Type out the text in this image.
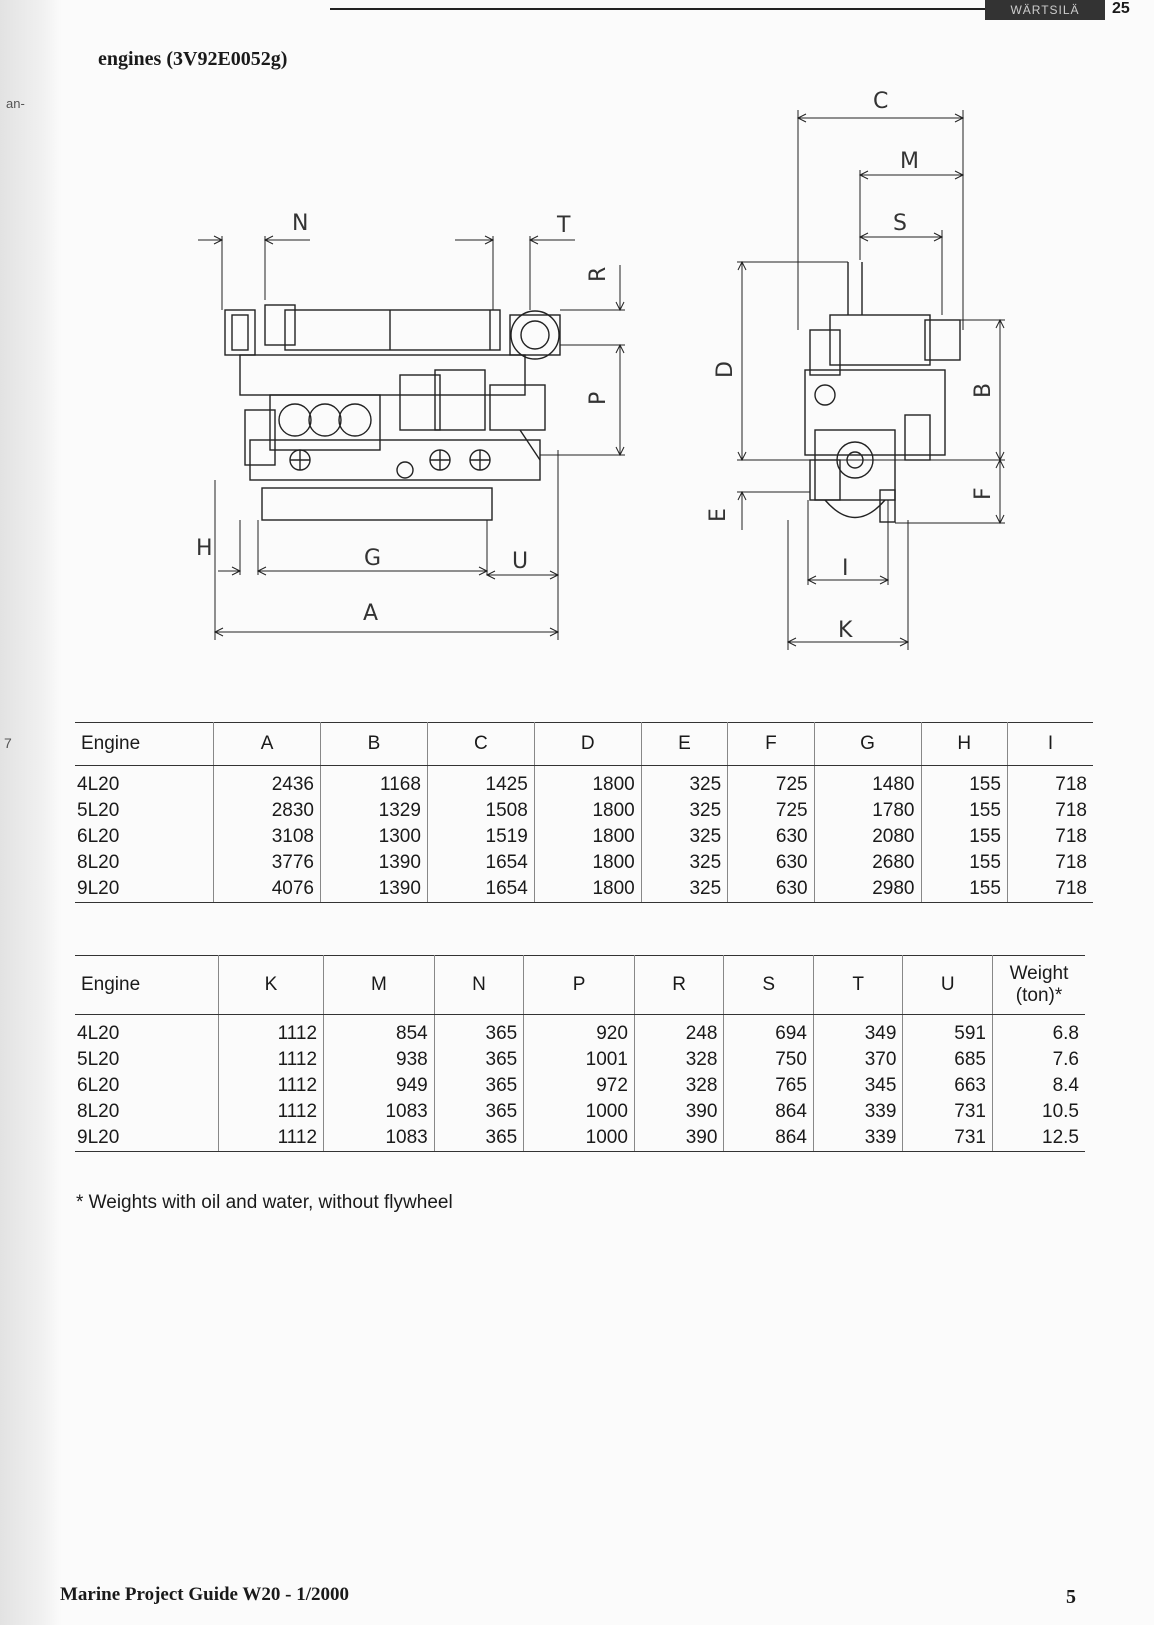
WÄRTSILÄ	25
engines (3V92E0052g)
an-
7
N	T
R
P
H	G	U
A
C
M
S
D
B
E
F
I
K
Engine	A	B	C	D	E	F	G	H	I
4L20	2436	1168	1425	1800	325	725	1480	155	718
5L20	2830	1329	1508	1800	325	725	1780	155	718
6L20	3108	1300	1519	1800	325	630	2080	155	718
8L20	3776	1390	1654	1800	325	630	2680	155	718
9L20	4076	1390	1654	1800	325	630	2980	155	718
Engine	K	M	N	P	R	S	T	U	Weight (ton)*
4L20	1112	854	365	920	248	694	349	591	6.8
5L20	1112	938	365	1001	328	750	370	685	7.6
6L20	1112	949	365	972	328	765	345	663	8.4
8L20	1112	1083	365	1000	390	864	339	731	10.5
9L20	1112	1083	365	1000	390	864	339	731	12.5
* Weights with oil and water, without flywheel
Marine Project Guide W20 - 1/2000	5
